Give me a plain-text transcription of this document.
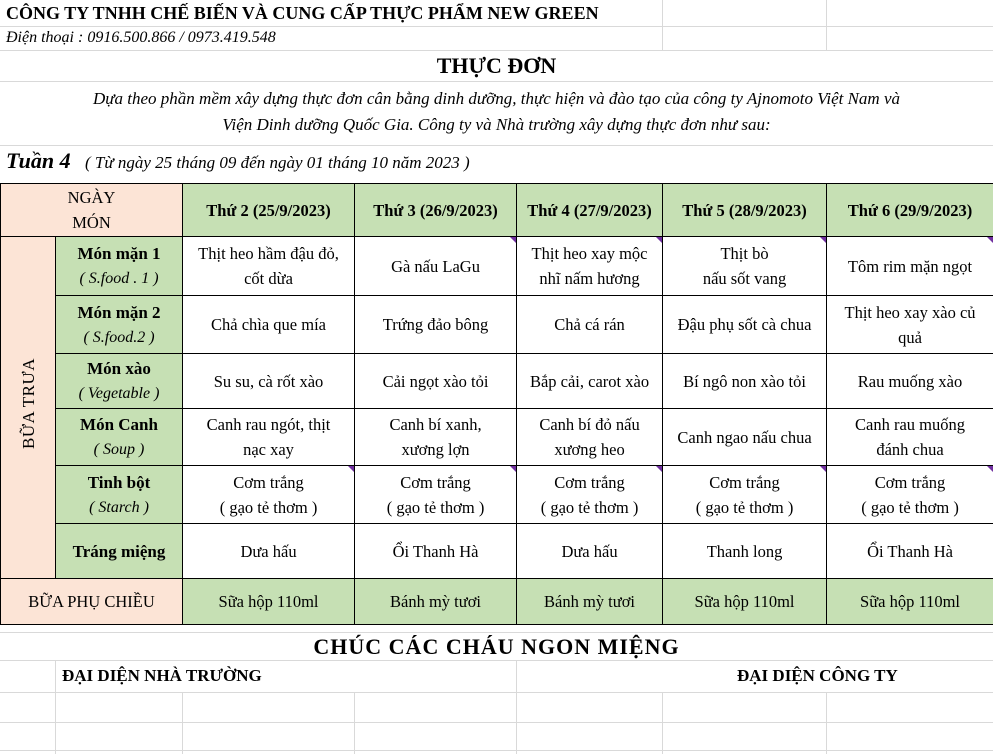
CÔNG TY TNHH CHẾ BIẾN VÀ CUNG CẤP THỰC PHẨM NEW GREEN
Điện thoại : 0916.500.866 / 0973.419.548
THỰC ĐƠN
Dựa theo phần mềm xây dựng thực đơn cân bằng dinh dưỡng, thực hiện và đào tạo của công ty Ajnomoto Việt Nam và
Viện Dinh dưỡng Quốc Gia. Công ty và Nhà trường xây dựng thực đơn như sau:
Tuần 4 ( Từ ngày 25 tháng 09 đến ngày 01 tháng 10 năm 2023 )
NGÀY
MÓN		Thứ 2 (25/9/2023)	Thứ 3 (26/9/2023)	Thứ 4 (27/9/2023)	Thứ 5 (28/9/2023)	Thứ 6 (29/9/2023)
BỮA TRƯA	Món mặn 1
( S.food . 1 )	Thịt heo hầm đậu đỏ,
cốt dừa	Gà nấu LaGu	Thịt heo xay mộc
nhĩ nấm hương	Thịt bò
nấu sốt vang	Tôm rim mặn ngọt

	Món mặn 2
( S.food.2 )	Chả chìa que mía	Trứng đảo bông	Chả cá rán	Đậu phụ sốt cà chua	Thịt heo xay xào củ
quả

	Món xào
( Vegetable )	Su su, cà rốt xào	Cải ngọt xào tỏi	Bắp cải, carot xào	Bí ngô non xào tỏi	Rau muống xào

	Món Canh
( Soup )	Canh rau ngót, thịt
nạc xay	Canh bí xanh,
xương lợn	Canh bí đỏ nấu
xương heo	Canh ngao nấu chua	Canh rau muống
đánh chua

	Tinh bột
( Starch )	Cơm trắng
( gạo tẻ thơm )	Cơm trắng
( gạo tẻ thơm )	Cơm trắng
( gạo tẻ thơm )	Cơm trắng
( gạo tẻ thơm )	Cơm trắng
( gạo tẻ thơm )

	Tráng miệng	Dưa hấu	Ổi Thanh Hà	Dưa hấu	Thanh long	Ổi Thanh Hà

BỮA PHỤ CHIỀU		Sữa hộp 110ml	Bánh mỳ tươi	Bánh mỳ tươi	Sữa hộp 110ml	Sữa hộp 110ml
CHÚC CÁC CHÁU NGON MIỆNG
ĐẠI DIỆN NHÀ TRƯỜNG	ĐẠI DIỆN CÔNG TY
